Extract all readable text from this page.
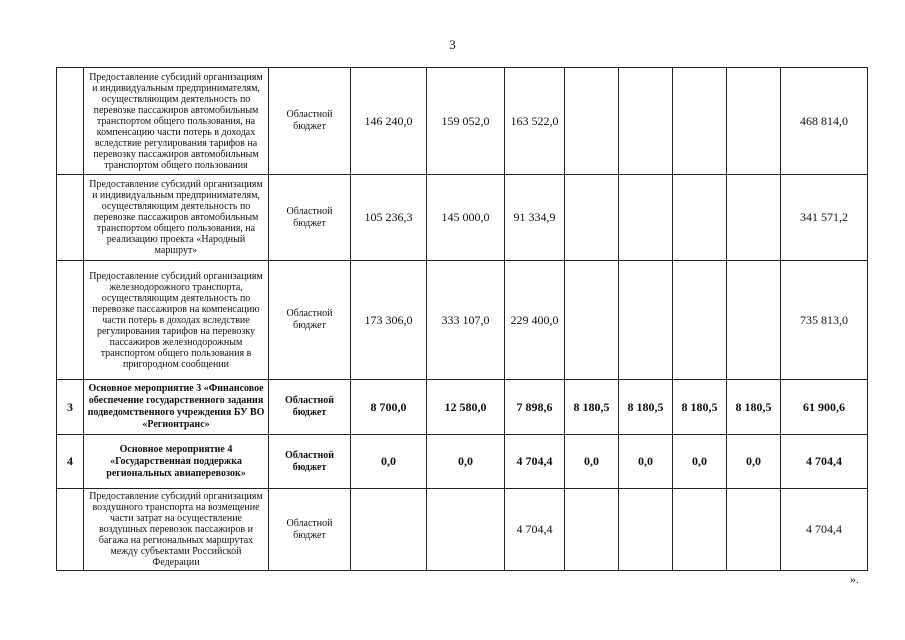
3
	Предоставление субсидий организациям и индивидуальным предпринимателям, осуществляющим деятельность по перевозке пассажиров автомобильным транспортом общего пользования, на компенсацию части потерь в доходах вследствие регулирования тарифов на перевозку пассажиров автомобильным транспортом общего пользования	Областной бюджет	146 240,0	159 052,0	163 522,0					468 814,0
	Предоставление субсидий организациям и индивидуальным предпринимателям, осуществляющим деятельность по перевозке пассажиров автомобильным транспортом общего пользования, на реализацию проекта «Народный маршрут»	Областной бюджет	105 236,3	145 000,0	91 334,9					341 571,2
	Предоставление субсидий организациям железнодорожного транспорта, осуществляющим деятельность по перевозке пассажиров на компенсацию части потерь в доходах вследствие регулирования тарифов на перевозку пассажиров железнодорожным транспортом общего пользования в пригородном сообщении	Областной бюджет	173 306,0	333 107,0	229 400,0					735 813,0
3	Основное мероприятие 3 «Финансовое обеспечение государственного задания подведомственного учреждения БУ ВО «Регионтранс»	Областной бюджет	8 700,0	12 580,0	7 898,6	8 180,5	8 180,5	8 180,5	8 180,5	61 900,6
4	Основное мероприятие 4 «Государственная поддержка региональных авиаперевозок»	Областной бюджет	0,0	0,0	4 704,4	0,0	0,0	0,0	0,0	4 704,4
	Предоставление субсидий организациям воздушного транспорта на возмещение части затрат на осуществление воздушных перевозок пассажиров и багажа на региональных маршрутах между субъектами Российской Федерации	Областной бюджет			4 704,4					4 704,4
».
